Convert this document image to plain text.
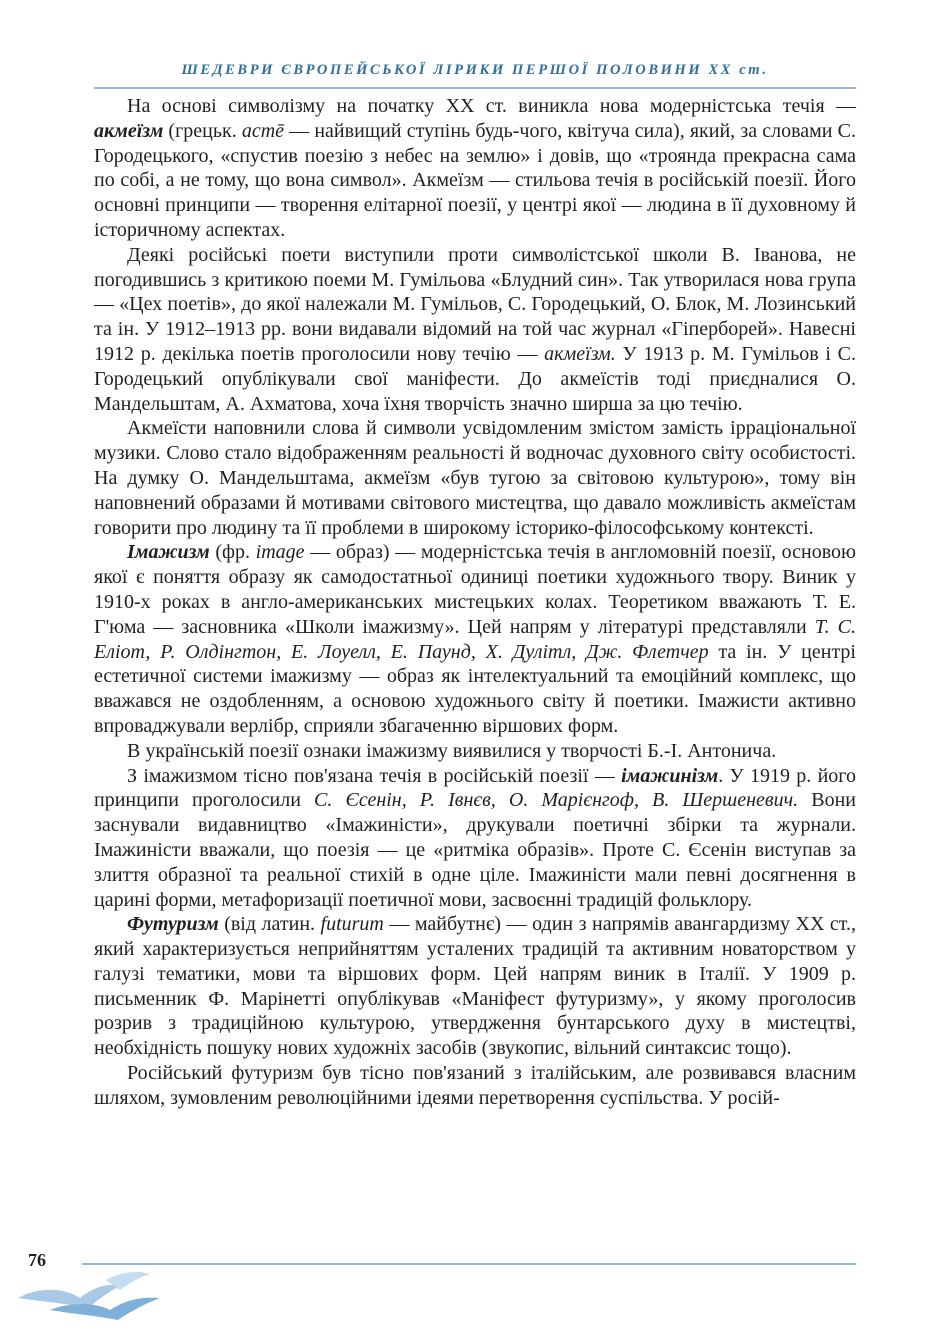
ШЕДЕВРИ ЄВРОПЕЙСЬКОЇ ЛІРИКИ ПЕРШОЇ ПОЛОВИНИ ХХ ст.

На основі символізму на початку ХХ ст. виникла нова модерністська течія — акмеїзм (грецьк. acmē — найвищий ступінь будь-чого, квітуча сила), який, за словами С. Городецького, «спустив поезію з небес на землю» і довів, що «троянда прекрасна сама по собі, а не тому, що вона символ». Акмеїзм — стильова течія в російській поезії. Його основні принципи — творення елітарної поезії, у центрі якої — людина в її духовному й історичному аспектах.

Деякі російські поети виступили проти символістської школи В. Іванова, не погодившись з критикою поеми М. Гумільова «Блудний син». Так утворилася нова група — «Цех поетів», до якої належали М. Гумільов, С. Городецький, О. Блок, М. Лозинський та ін. У 1912–1913 рр. вони видавали відомий на той час журнал «Гіперборей». Навесні 1912 р. декілька поетів проголосили нову течію — акмеїзм. У 1913 р. М. Гумільов і С. Городецький опублікували свої маніфести. До акмеїстів тоді приєдналися О. Мандельштам, А. Ахматова, хоча їхня творчість значно ширша за цю течію.

Акмеїсти наповнили слова й символи усвідомленим змістом замість ірраціональної музики. Слово стало відображенням реальності й водночас духовного світу особистості. На думку О. Мандельштама, акмеїзм «був тугою за світовою культурою», тому він наповнений образами й мотивами світового мистецтва, що давало можливість акмеїстам говорити про людину та її проблеми в широкому історико-філософському контексті.

Імажизм (фр. image — образ) — модерністська течія в англомовній поезії, основою якої є поняття образу як самодостатньої одиниці поетики художнього твору. Виник у 1910-х роках в англо-американських мистецьких колах. Теоретиком вважають Т. Е. Г'юма — засновника «Школи імажизму». Цей напрям у літературі представляли Т. С. Еліот, Р. Олдінгтон, Е. Лоуелл, Е. Паунд, Х. Дулітл, Дж. Флетчер та ін. У центрі естетичної системи імажизму — образ як інтелектуальний та емоційний комплекс, що вважався не оздобленням, а основою художнього світу й поетики. Імажисти активно впроваджували верлібр, сприяли збагаченню віршових форм.

В українській поезії ознаки імажизму виявилися у творчості Б.-І. Антонича.

З імажизмом тісно пов'язана течія в російській поезії — імажинізм. У 1919 р. його принципи проголосили С. Єсенін, Р. Івнєв, О. Марієнгоф, В. Шершеневич. Вони заснували видавництво «Імажиністи», друкували поетичні збірки та журнали. Імажиністи вважали, що поезія — це «ритміка образів». Проте С. Єсенін виступав за злиття образної та реальної стихій в одне ціле. Імажиністи мали певні досягнення в царині форми, метафоризації поетичної мови, засвоєнні традицій фольклору.

Футуризм (від латин. futurum — майбутнє) — один з напрямів авангардизму ХХ ст., який характеризується неприйняттям усталених традицій та активним новаторством у галузі тематики, мови та віршових форм. Цей напрям виник в Італії. У 1909 р. письменник Ф. Марінетті опублікував «Маніфест футуризму», у якому проголосив розрив з традиційною культурою, утвердження бунтарського духу в мистецтві, необхідність пошуку нових художніх засобів (звукопис, вільний синтаксис тощо).

Російський футуризм був тісно пов'язаний з італійським, але розвивався власним шляхом, зумовленим революційними ідеями перетворення суспільства. У росій-

76
